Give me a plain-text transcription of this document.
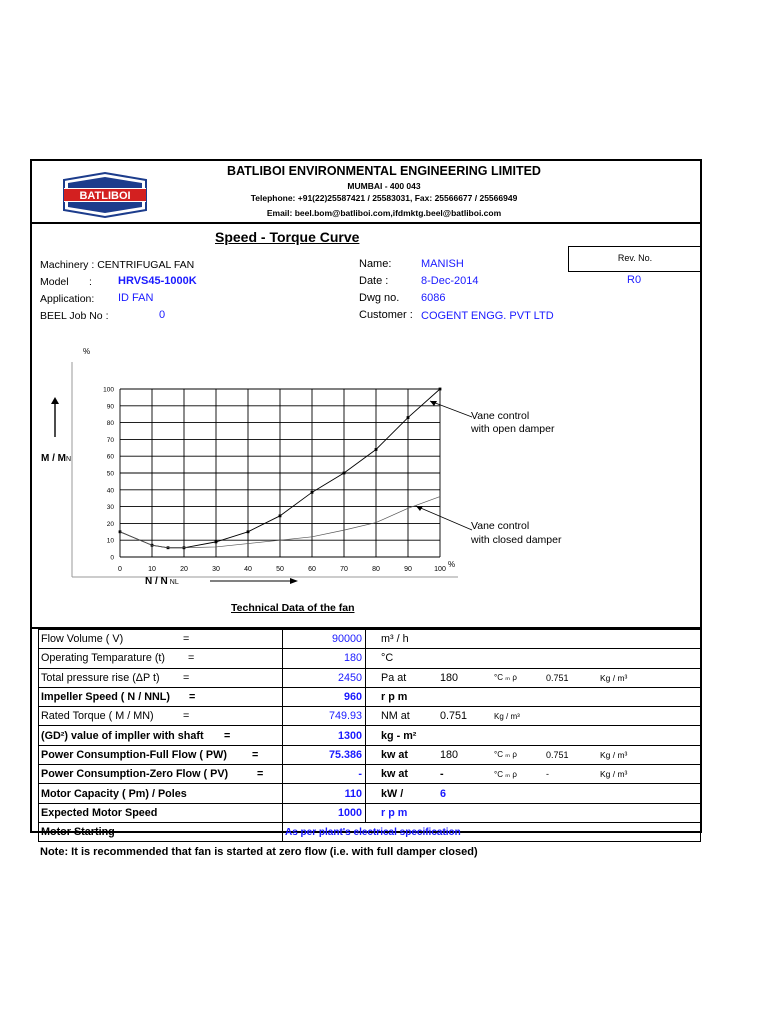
BATLIBOI
BATLIBOI ENVIRONMENTAL ENGINEERING LIMITED
MUMBAI - 400 043
Telephone: +91(22)25587421 / 25583031, Fax: 25566677 / 25566949
Email: beel.bom@batliboi.com,ifdmktg.beel@batliboi.com
Speed - Torque Curve
Rev. No.
R0
Machinery : CENTRIFUGAL FAN
Model : HRVS45-1000K
Application: ID FAN
BEEL Job No :	0
Name:	MANISH
Date :	8-Dec-2014
Dwg no. 6086
Customer : COGENT ENGG. PVT LTD
0
10
20
30
40
50
60
70
80
90
100
0	10	20	30	40	50	60	70	80	90	100
%
%
M / MN
N / N NL
Vane control
with open damper
Vane control
with closed damper
Technical Data of the fan
Flow Volume ( V) =	90000	m³ / h				
Operating Temparature (t) =	180	°C				
Total pressure rise (ΔP t) =	2450	Pa at	180	°C ₘ ρ	0.751	Kg / m³
Impeller Speed ( N / NNL) =	960	r p m				
Rated Torque ( M / MN) =	749.93	NM at	0.751	Kg / m³		
(GD²) value of impller with shaft =	1300	kg - m²				
Power Consumption-Full Flow ( PW) =	75.386	kw at	180	°C ₘ ρ	0.751	Kg / m³
Power Consumption-Zero Flow ( PV) =	-	kw at	-	°C ₘ ρ	-	Kg / m³
Motor Capacity ( Pm) / Poles	110	kW /	6			
Expected Motor Speed	1000	r p m				
Motor Starting	As per plant's electrical specification					
Note: It is recommended that fan is started at zero flow (i.e. with full damper closed)
